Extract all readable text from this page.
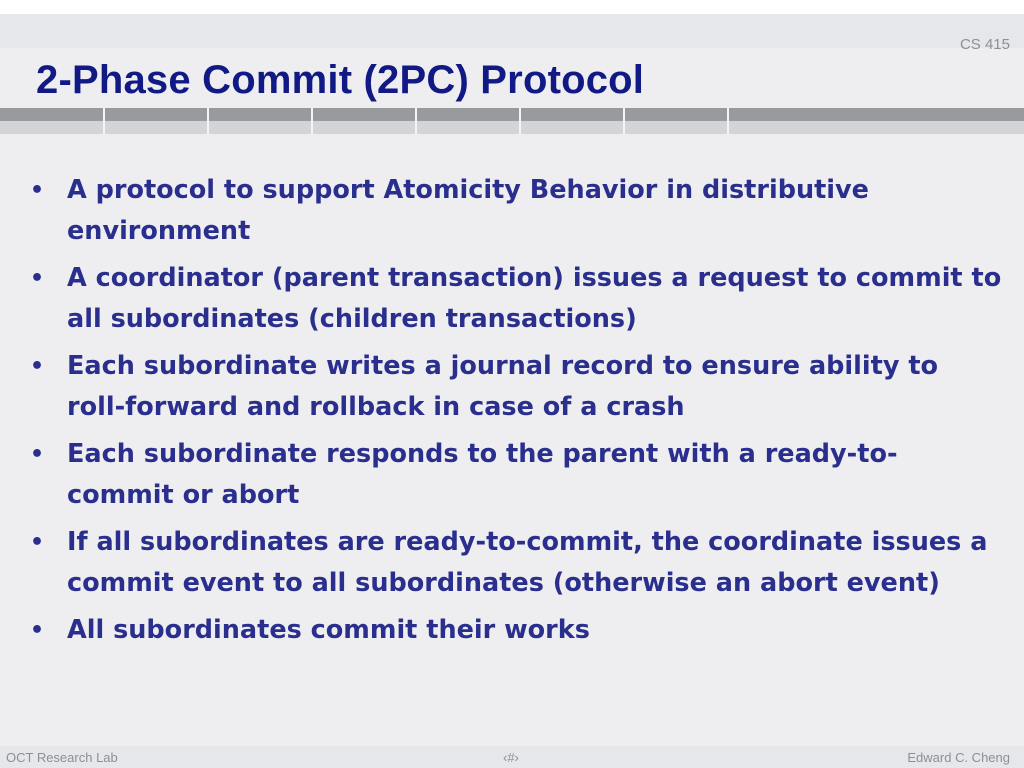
CS 415
2-Phase Commit (2PC) Protocol
• A protocol to support Atomicity Behavior in distributive environment
• A coordinator (parent transaction) issues a request to commit to all subordinates (children transactions)
• Each subordinate writes a journal record to ensure ability to roll-forward and rollback in case of a crash
• Each subordinate responds to the parent with a ready-to-commit or abort
• If all subordinates are ready-to-commit, the coordinate issues a commit event to all subordinates (otherwise an abort event)
• All subordinates commit their works
OCT Research Lab	‹#›	Edward C. Cheng
